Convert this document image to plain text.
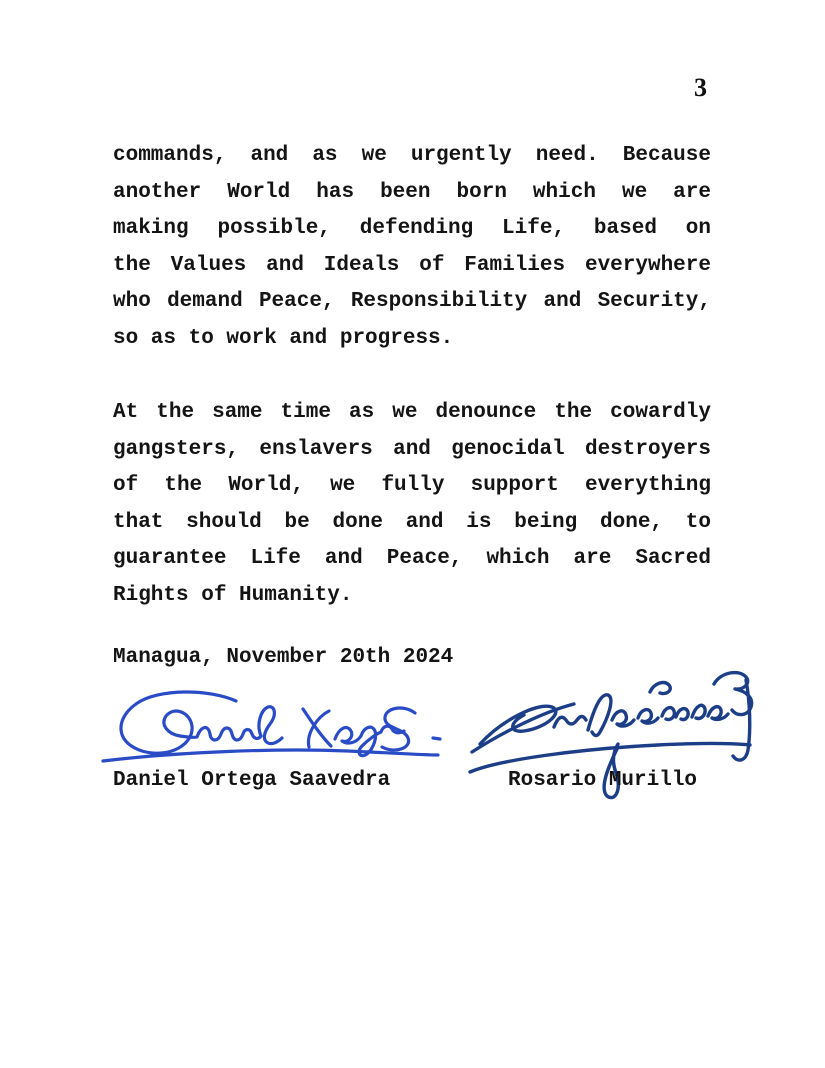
3
commands, and as we urgently need. Because
another World has been born which we are
making possible, defending Life, based on
the Values and Ideals of Families everywhere
who demand Peace, Responsibility and Security,
so as to work and progress.
At the same time as we denounce the cowardly
gangsters, enslavers and genocidal destroyers
of the World, we fully support everything
that should be done and is being done, to
guarantee Life and Peace, which are Sacred
Rights of Humanity.
Managua, November 20th 2024
Daniel Ortega Saavedra	Rosario Murillo
